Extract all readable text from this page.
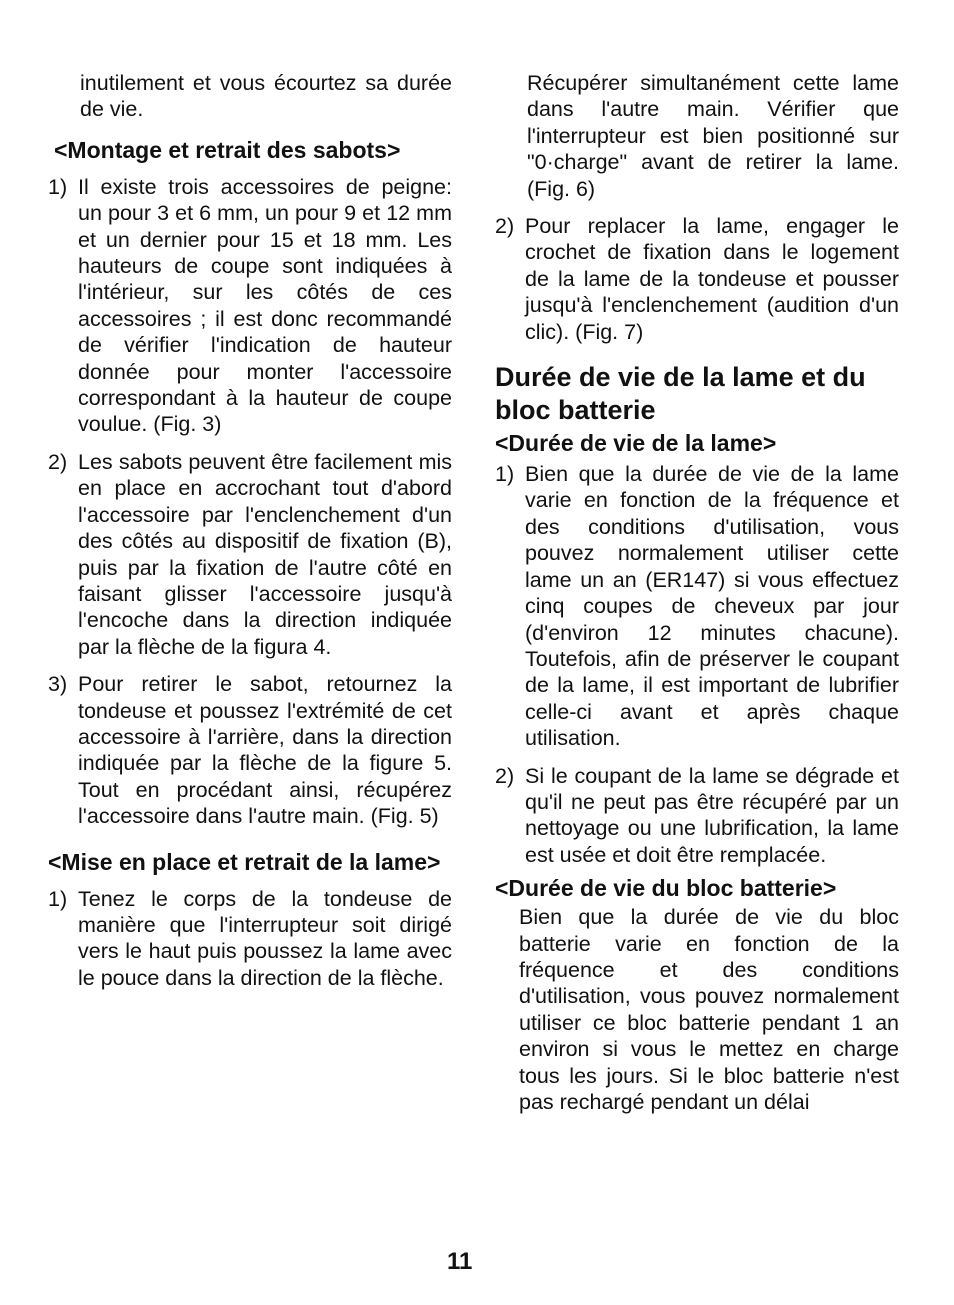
inutilement et vous écourtez sa durée de vie.

<Montage et retrait des sabots>
1) Il existe trois accessoires de peigne: un pour 3 et 6 mm, un pour 9 et 12 mm et un dernier pour 15 et 18 mm. Les hauteurs de coupe sont indiquées à l'intérieur, sur les côtés de ces accessoires ; il est donc recommandé de vérifier l'indication de hauteur donnée pour monter l'accessoire correspondant à la hauteur de coupe voulue. (Fig. 3)
2) Les sabots peuvent être facilement mis en place en accrochant tout d'abord l'accessoire par l'enclenchement d'un des côtés au dispositif de fixation (B), puis par la fixation de l'autre côté en faisant glisser l'accessoire jusqu'à l'encoche dans la direction indiquée par la flèche de la figura 4.
3) Pour retirer le sabot, retournez la tondeuse et poussez l'extrémité de cet accessoire à l'arrière, dans la direction indiquée par la flèche de la figure 5. Tout en procédant ainsi, récupérez l'accessoire dans l'autre main. (Fig. 5)
<Mise en place et retrait de la lame>
1) Tenez le corps de la tondeuse de manière que l'interrupteur soit dirigé vers le haut puis poussez la lame avec le pouce dans la direction de la flèche.

Récupérer simultanément cette lame dans l'autre main. Vérifier que l'interrupteur est bien positionné sur "0·charge" avant de retirer la lame. (Fig. 6)

2) Pour replacer la lame, engager le crochet de fixation dans le logement de la lame de la tondeuse et pousser jusqu'à l'enclenchement (audition d'un clic). (Fig. 7)
Durée de vie de la lame et du bloc batterie
<Durée de vie de la lame>
1) Bien que la durée de vie de la lame varie en fonction de la fréquence et des conditions d'utilisation, vous pouvez normalement utiliser cette lame un an (ER147) si vous effectuez cinq coupes de cheveux par jour (d'environ 12 minutes chacune). Toutefois, afin de préserver le coupant de la lame, il est important de lubrifier celle-ci avant et après chaque utilisation.
2) Si le coupant de la lame se dégrade et qu'il ne peut pas être récupéré par un nettoyage ou une lubrification, la lame est usée et doit être remplacée.
<Durée de vie du bloc batterie>

Bien que la durée de vie du bloc batterie varie en fonction de la fréquence et des conditions d'utilisation, vous pouvez normalement utiliser ce bloc batterie pendant 1 an environ si vous le mettez en charge tous les jours. Si le bloc batterie n'est pas rechargé pendant un délai

11
